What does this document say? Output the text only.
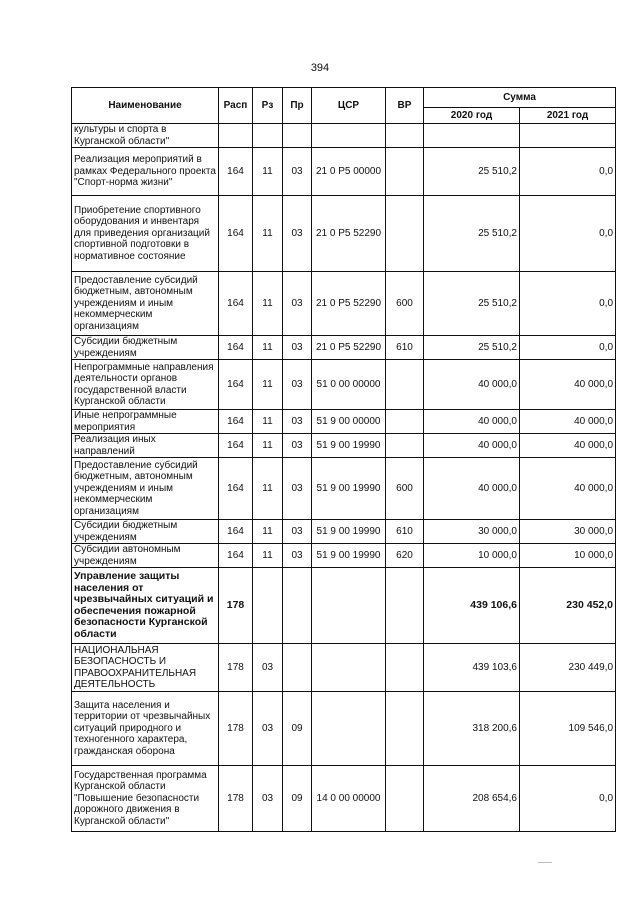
394
Наименование	Расп	Рз	Пр	ЦСР	ВР	Сумма	
						2020 год	2021 год
культуры и спорта в Курганской области"							
Реализация мероприятий в рамках Федерального проекта "Спорт-норма жизни"	164	11	03	21 0 P5 00000		25 510,2	0,0
Приобретение спортивного оборудования и инвентаря для приведения организаций спортивной подготовки в нормативное состояние	164	11	03	21 0 P5 52290		25 510,2	0,0
Предоставление субсидий бюджетным, автономным учреждениям и иным некоммерческим организациям	164	11	03	21 0 P5 52290	600	25 510,2	0,0
Субсидии бюджетным учреждениям	164	11	03	21 0 P5 52290	610	25 510,2	0,0
Непрограммные направления деятельности органов государственной власти Курганской области	164	11	03	51 0 00 00000		40 000,0	40 000,0
Иные непрограммные мероприятия	164	11	03	51 9 00 00000		40 000,0	40 000,0
Реализация иных направлений	164	11	03	51 9 00 19990		40 000,0	40 000,0
Предоставление субсидий бюджетным, автономным учреждениям и иным некоммерческим организациям	164	11	03	51 9 00 19990	600	40 000,0	40 000,0
Субсидии бюджетным учреждениям	164	11	03	51 9 00 19990	610	30 000,0	30 000,0
Субсидии автономным учреждениям	164	11	03	51 9 00 19990	620	10 000,0	10 000,0
Управление защиты населения от чрезвычайных ситуаций и обеспечения пожарной безопасности Курганской области	178					439 106,6	230 452,0
НАЦИОНАЛЬНАЯ БЕЗОПАСНОСТЬ И ПРАВООХРАНИТЕЛЬНАЯ ДЕЯТЕЛЬНОСТЬ	178	03				439 103,6	230 449,0
Защита населения и территории от чрезвычайных ситуаций природного и техногенного характера, гражданская оборона	178	03	09			318 200,6	109 546,0
Государственная программа Курганской области "Повышение безопасности дорожного движения в Курганской области"	178	03	09	14 0 00 00000		208 654,6	0,0
